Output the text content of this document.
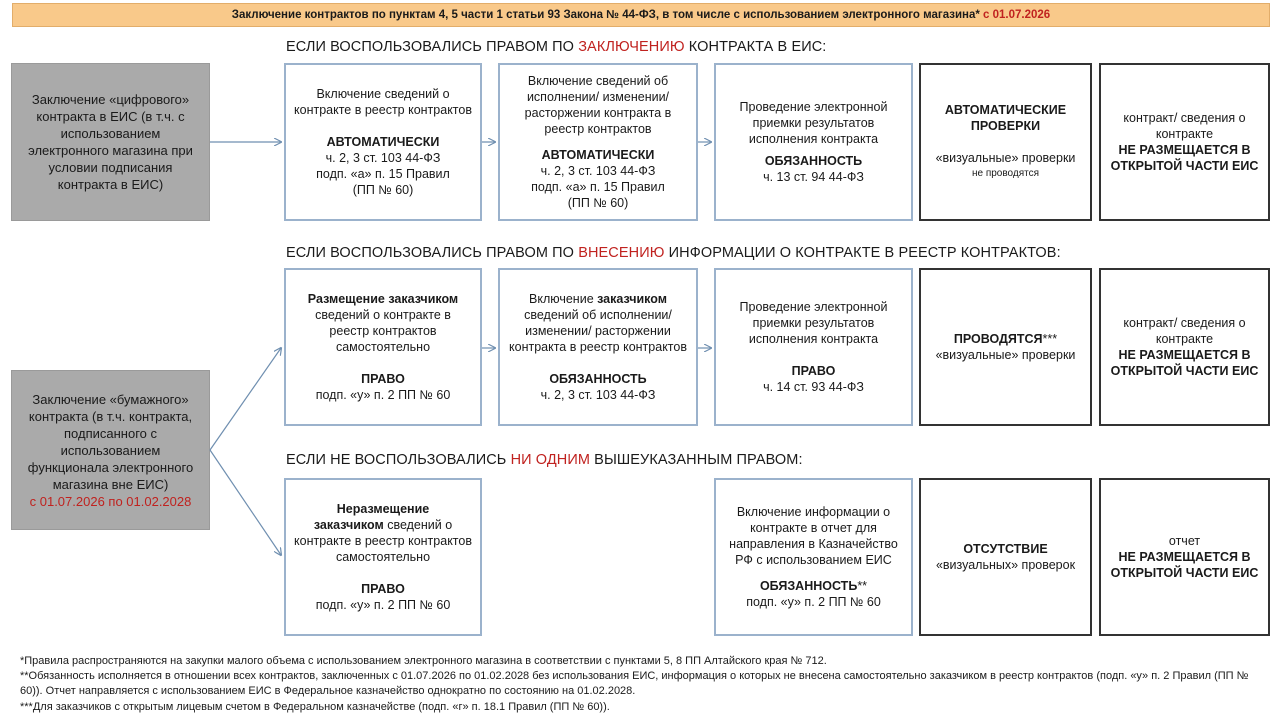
Заключение контрактов по пунктам 4, 5 части 1 статьи 93 Закона № 44-ФЗ, в том числе с использованием электронного магазина* с 01.07.2026
Заключение «цифрового» контракта в ЕИС (в т.ч. с использованием электронного магазина при условии подписания контракта в ЕИС)
Заключение «бумажного» контракта (в т.ч. контракта, подписанного с использованием функционала электронного магазина вне ЕИС)
с 01.07.2026 по 01.02.2028
ЕСЛИ ВОСПОЛЬЗОВАЛИСЬ ПРАВОМ ПО ЗАКЛЮЧЕНИЮ КОНТРАКТА В ЕИС:
Включение сведений о контракте в реестр контрактов
АВТОМАТИЧЕСКИ
ч. 2, 3 ст. 103 44-ФЗ
подп. «а» п. 15 Правил
(ПП № 60)
Включение сведений об исполнении/ изменении/ расторжении контракта в реестр контрактов
АВТОМАТИЧЕСКИ
ч. 2, 3 ст. 103 44-ФЗ
подп. «а» п. 15 Правил
(ПП № 60)
Проведение электронной приемки результатов исполнения контракта
ОБЯЗАННОСТЬ
ч. 13 ст. 94 44-ФЗ
АВТОМАТИЧЕСКИЕ ПРОВЕРКИ
«визуальные» проверки
не проводятся
контракт/ сведения о контракте
НЕ РАЗМЕЩАЕТСЯ В ОТКРЫТОЙ ЧАСТИ ЕИС
ЕСЛИ ВОСПОЛЬЗОВАЛИСЬ ПРАВОМ ПО ВНЕСЕНИЮ ИНФОРМАЦИИ О КОНТРАКТЕ В РЕЕСТР КОНТРАКТОВ:
Размещение заказчиком сведений о контракте в реестр контрактов самостоятельно
ПРАВО
подп. «у» п. 2 ПП № 60
Включение заказчиком сведений об исполнении/ изменении/ расторжении контракта в реестр контрактов
ОБЯЗАННОСТЬ
ч. 2, 3 ст. 103 44-ФЗ
Проведение электронной приемки результатов исполнения контракта
ПРАВО
ч. 14 ст. 93 44-ФЗ
ПРОВОДЯТСЯ***
«визуальные» проверки
контракт/ сведения о контракте
НЕ РАЗМЕЩАЕТСЯ В ОТКРЫТОЙ ЧАСТИ ЕИС
ЕСЛИ НЕ ВОСПОЛЬЗОВАЛИСЬ НИ ОДНИМ ВЫШЕУКАЗАННЫМ ПРАВОМ:
Неразмещение
заказчиком сведений о контракте в реестр контрактов самостоятельно
ПРАВО
подп. «у» п. 2 ПП № 60
Включение информации о контракте в отчет для направления в Казначейство РФ с использованием ЕИС
ОБЯЗАННОСТЬ**
подп. «у» п. 2 ПП № 60
ОТСУТСТВИЕ
«визуальных» проверок
отчет
НЕ РАЗМЕЩАЕТСЯ В ОТКРЫТОЙ ЧАСТИ ЕИС
*Правила распространяются на закупки малого объема с использованием электронного магазина в соответствии с пунктами 5, 8 ПП Алтайского края № 712.
**Обязанность исполняется в отношении всех контрактов, заключенных с 01.07.2026 по 01.02.2028 без использования ЕИС, информация о которых не внесена самостоятельно заказчиком в реестр контрактов (подп. «у» п. 2 Правил (ПП № 60)). Отчет направляется с использованием ЕИС в Федеральное казначейство однократно по состоянию на 01.02.2028.
***Для заказчиков с открытым лицевым счетом в Федеральном казначействе (подп. «г» п. 18.1 Правил (ПП № 60)).
